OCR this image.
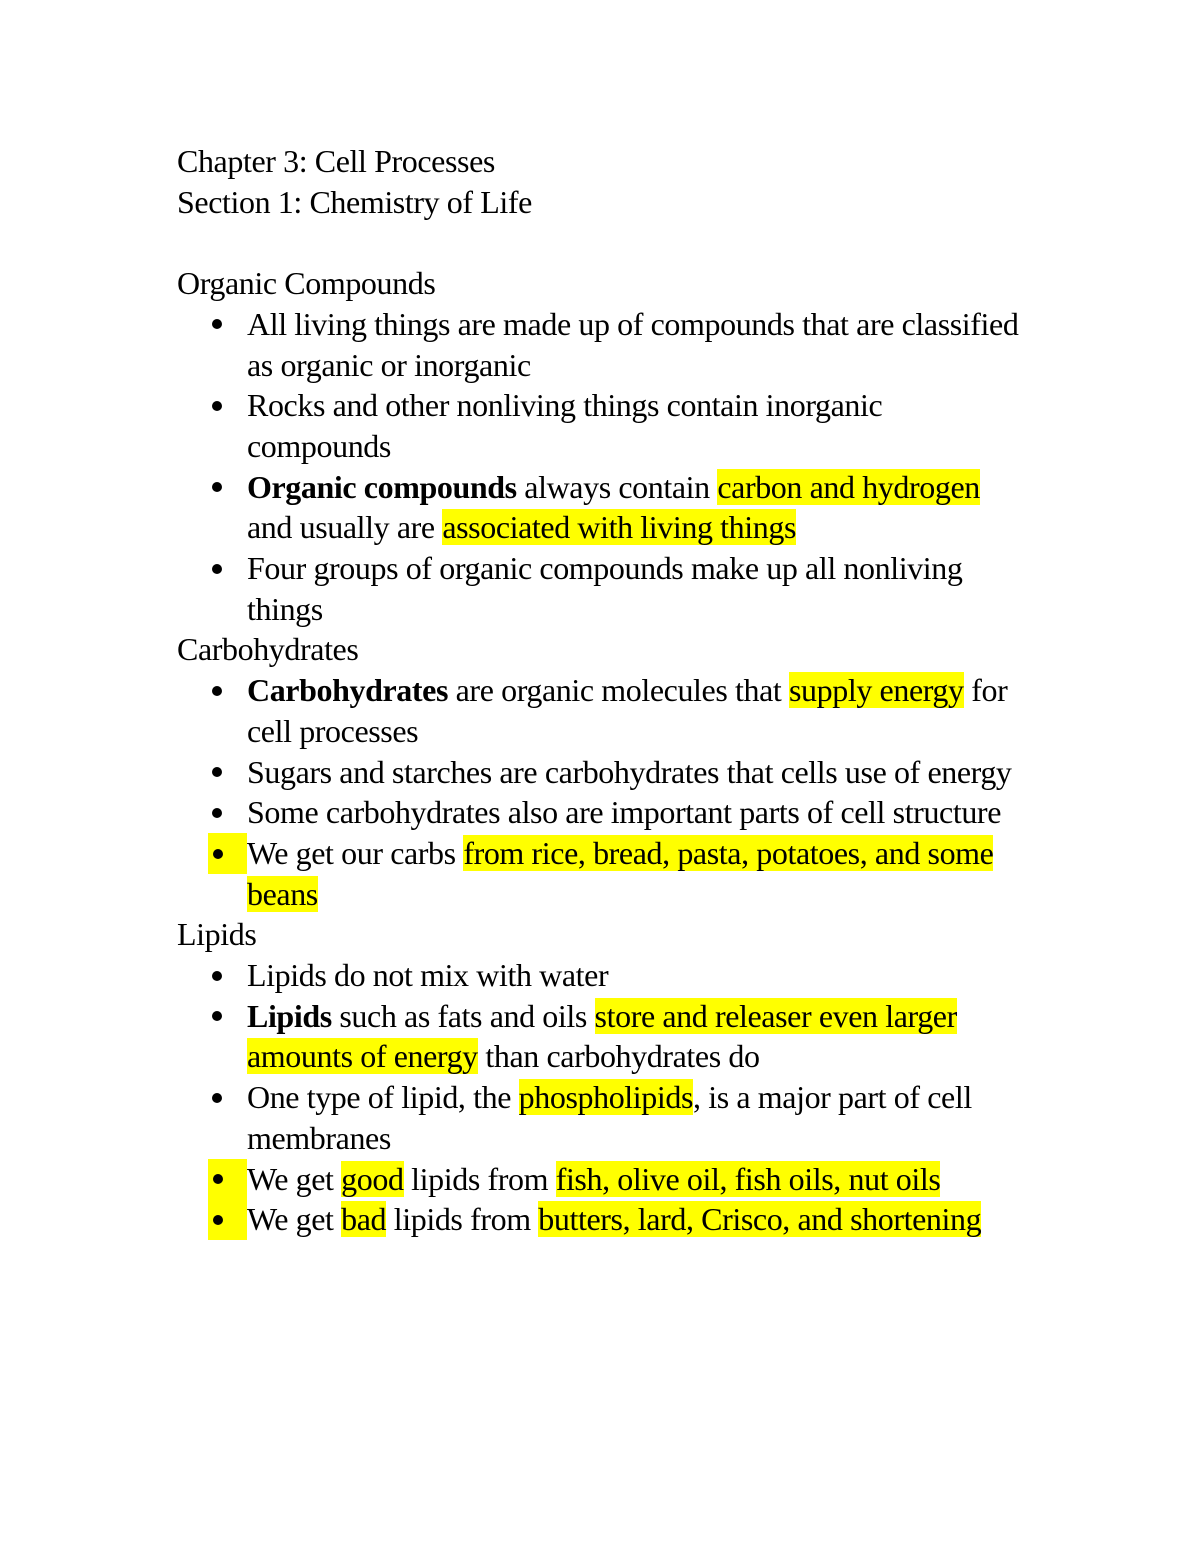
Chapter 3: Cell Processes
Section 1: Chemistry of Life
Organic Compounds
All living things are made up of compounds that are classified as organic or inorganic
Rocks and other nonliving things contain inorganic compounds
Organic compounds always contain carbon and hydrogen and usually are associated with living things
Four groups of organic compounds make up all nonliving things
Carbohydrates
Carbohydrates are organic molecules that supply energy for cell processes
Sugars and starches are carbohydrates that cells use of energy
Some carbohydrates also are important parts of cell structure
We get our carbs from rice, bread, pasta, potatoes, and some beans
Lipids
Lipids do not mix with water
Lipids such as fats and oils store and releaser even larger amounts of energy than carbohydrates do
One type of lipid, the phospholipids, is a major part of cell membranes
We get good lipids from fish, olive oil, fish oils, nut oils
We get bad lipids from butters, lard, Crisco, and shortening
